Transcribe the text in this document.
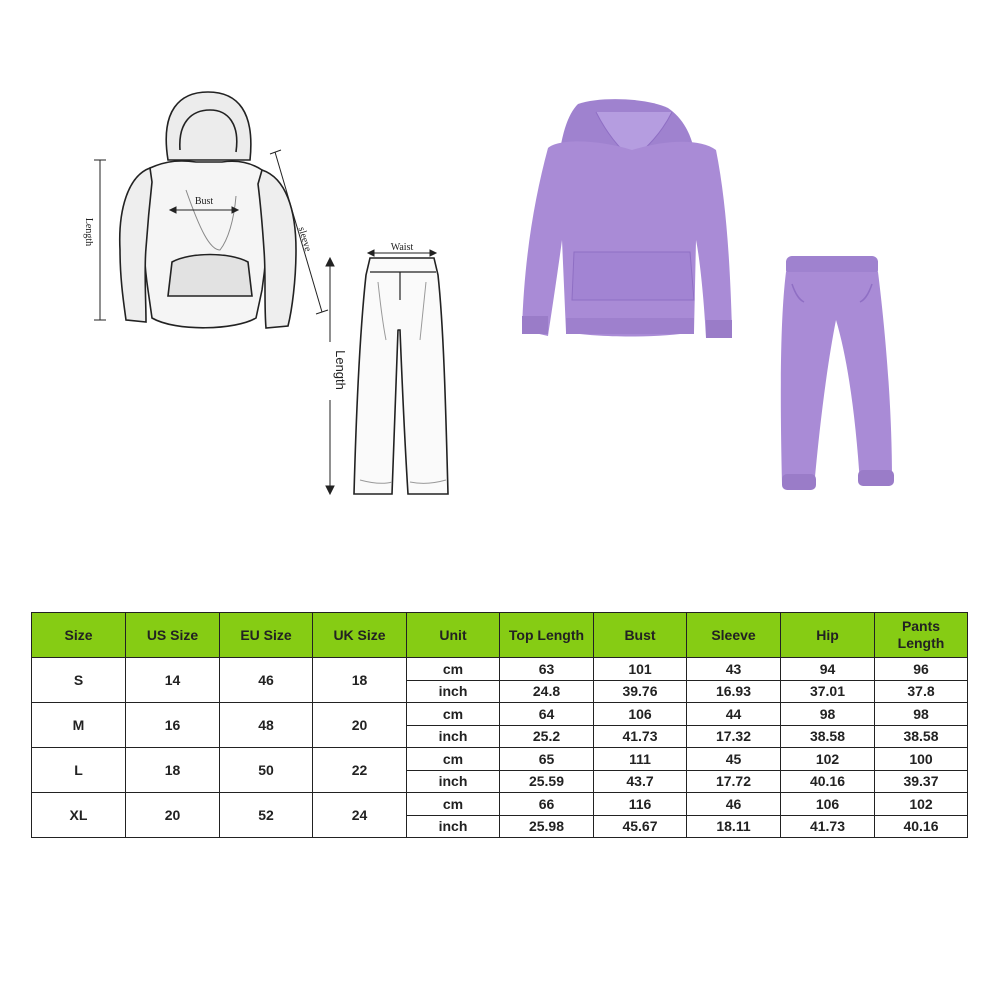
Bust
Length	sleeve	Waist
Length
Size	US Size	EU Size	UK Size	Unit	Top Length	Bust	Sleeve	Hip	Pants Length
S	14	46	18	cm	63	101	43	94	96
				inch	24.8	39.76	16.93	37.01	37.8
M	16	48	20	cm	64	106	44	98	98
				inch	25.2	41.73	17.32	38.58	38.58
L	18	50	22	cm	65	111	45	102	100
				inch	25.59	43.7	17.72	40.16	39.37
XL	20	52	24	cm	66	116	46	106	102
				inch	25.98	45.67	18.11	41.73	40.16
